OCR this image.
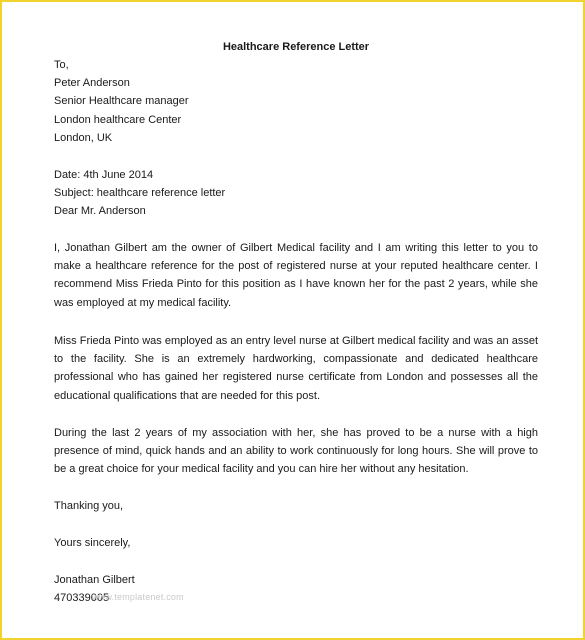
Healthcare Reference Letter
To,
Peter Anderson
Senior Healthcare manager
London healthcare Center
London, UK
Date: 4th June 2014
Subject: healthcare reference letter
Dear Mr. Anderson

I, Jonathan Gilbert am the owner of Gilbert Medical facility and I am writing this letter to you to make a healthcare reference for the post of registered nurse at your reputed healthcare center. I recommend Miss Frieda Pinto for this position as I have known her for the past 2 years, while she was employed at my medical facility.

Miss Frieda Pinto was employed as an entry level nurse at Gilbert medical facility and was an asset to the facility. She is an extremely hardworking, compassionate and dedicated healthcare professional who has gained her registered nurse certificate from London and possesses all the educational qualifications that are needed for this post.

During the last 2 years of my association with her, she has proved to be a nurse with a high presence of mind, quick hands and an ability to work continuously for long hours. She will prove to be a great choice for your medical facility and you can hire her without any hesitation.

Thanking you,
Yours sincerely,
Jonathan Gilbert
470339005
www.templatenet.com
